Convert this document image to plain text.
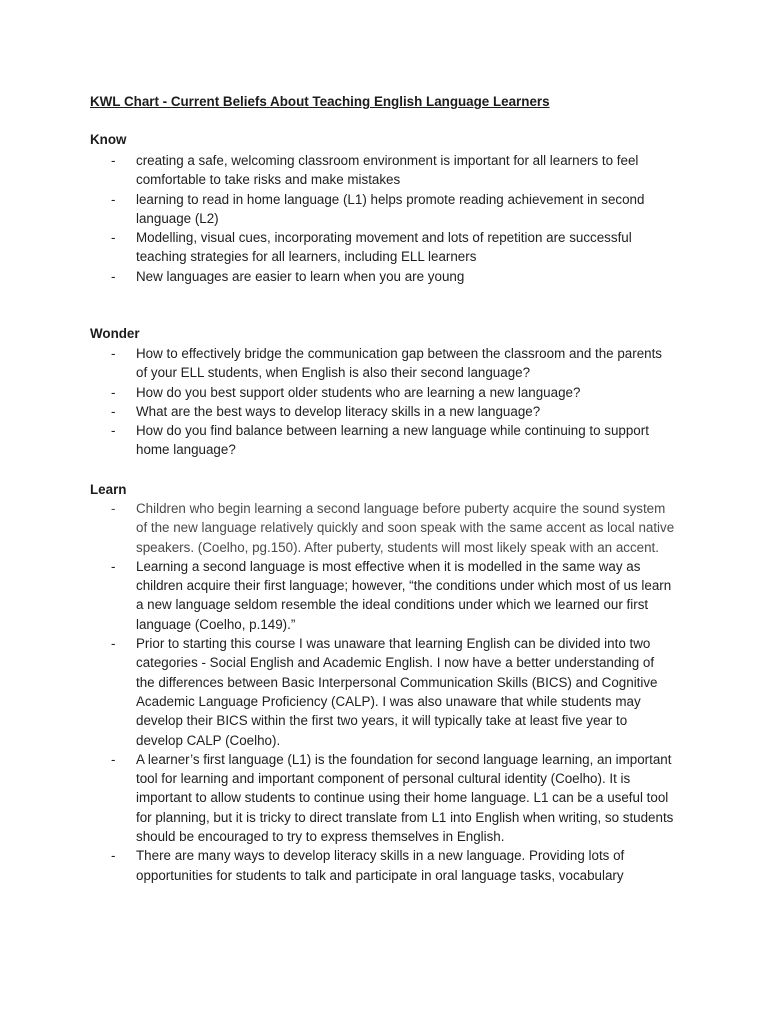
KWL Chart - Current Beliefs About Teaching English Language Learners
Know
- creating a safe, welcoming classroom environment is important for all learners to feel comfortable to take risks and make mistakes
- learning to read in home language (L1) helps promote reading achievement in second language (L2)
- Modelling, visual cues, incorporating movement and lots of repetition are successful teaching strategies for all learners, including ELL learners
- New languages are easier to learn when you are young
Wonder
- How to effectively bridge the communication gap between the classroom and the parents of your ELL students, when English is also their second language?
- How do you best support older students who are learning a new language?
- What are the best ways to develop literacy skills in a new language?
- How do you find balance between learning a new language while continuing to support home language?
Learn
- Children who begin learning a second language before puberty acquire the sound system of the new language relatively quickly and soon speak with the same accent as local native speakers. (Coelho, pg.150). After puberty, students will most likely speak with an accent.
- Learning a second language is most effective when it is modelled in the same way as children acquire their first language; however, “the conditions under which most of us learn a new language seldom resemble the ideal conditions under which we learned our first language (Coelho, p.149).”
- Prior to starting this course I was unaware that learning English can be divided into two categories - Social English and Academic English. I now have a better understanding of the differences between Basic Interpersonal Communication Skills (BICS) and Cognitive Academic Language Proficiency (CALP). I was also unaware that while students may develop their BICS within the first two years, it will typically take at least five year to develop CALP (Coelho).
- A learner’s first language (L1) is the foundation for second language learning, an important tool for learning and important component of personal cultural identity (Coelho). It is important to allow students to continue using their home language. L1 can be a useful tool for planning, but it is tricky to direct translate from L1 into English when writing, so students should be encouraged to try to express themselves in English.
- There are many ways to develop literacy skills in a new language. Providing lots of opportunities for students to talk and participate in oral language tasks, vocabulary
